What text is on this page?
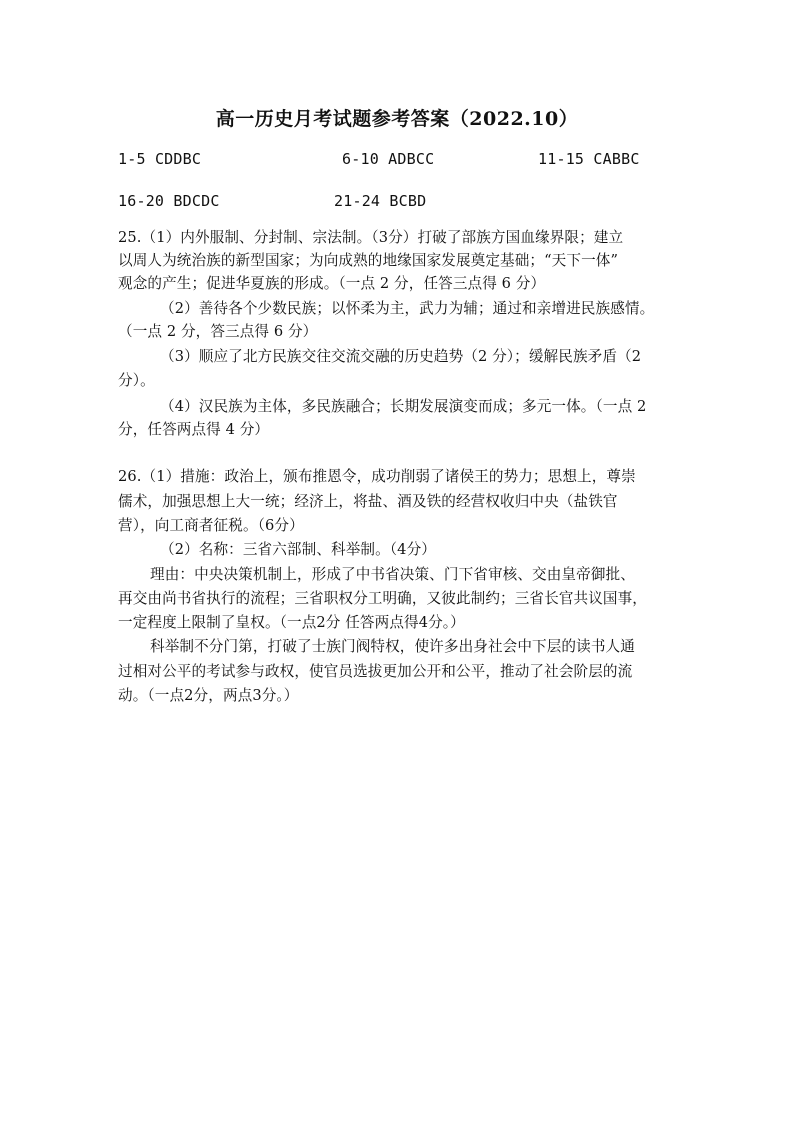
高一历史月考试题参考答案（2022.10）
1-5 CDDBC	6-10 ADBCC	11-15 CABBC
16-20 BDCDC	21-24 BCBD
25.（1）内外服制、分封制、宗法制。（3分）打破了部族方国血缘界限；建立
以周人为统治族的新型国家；为向成熟的地缘国家发展奠定基础；“天下一体”
观念的产生；促进华夏族的形成。（一点 2 分，任答三点得 6 分）
（2）善待各个少数民族；以怀柔为主，武力为辅；通过和亲增进民族感情。
（一点 2 分，答三点得 6 分）
（3）顺应了北方民族交往交流交融的历史趋势（2 分）；缓解民族矛盾（2
分）。
（4）汉民族为主体，多民族融合；长期发展演变而成；多元一体。（一点 2
分，任答两点得 4 分）
26.（1）措施：政治上，颁布推恩令，成功削弱了诸侯王的势力；思想上，尊崇
儒术，加强思想上大一统；经济上，将盐、酒及铁的经营权收归中央（盐铁官
营），向工商者征税。（6分）
（2）名称：三省六部制、科举制。（4分）
理由：中央决策机制上，形成了中书省决策、门下省审核、交由皇帝御批、
再交由尚书省执行的流程；三省职权分工明确，又彼此制约；三省长官共议国事，
一定程度上限制了皇权。（一点2分 任答两点得4分。）
科举制不分门第，打破了士族门阀特权，使许多出身社会中下层的读书人通
过相对公平的考试参与政权，使官员选拔更加公开和公平，推动了社会阶层的流
动。（一点2分，两点3分。）
